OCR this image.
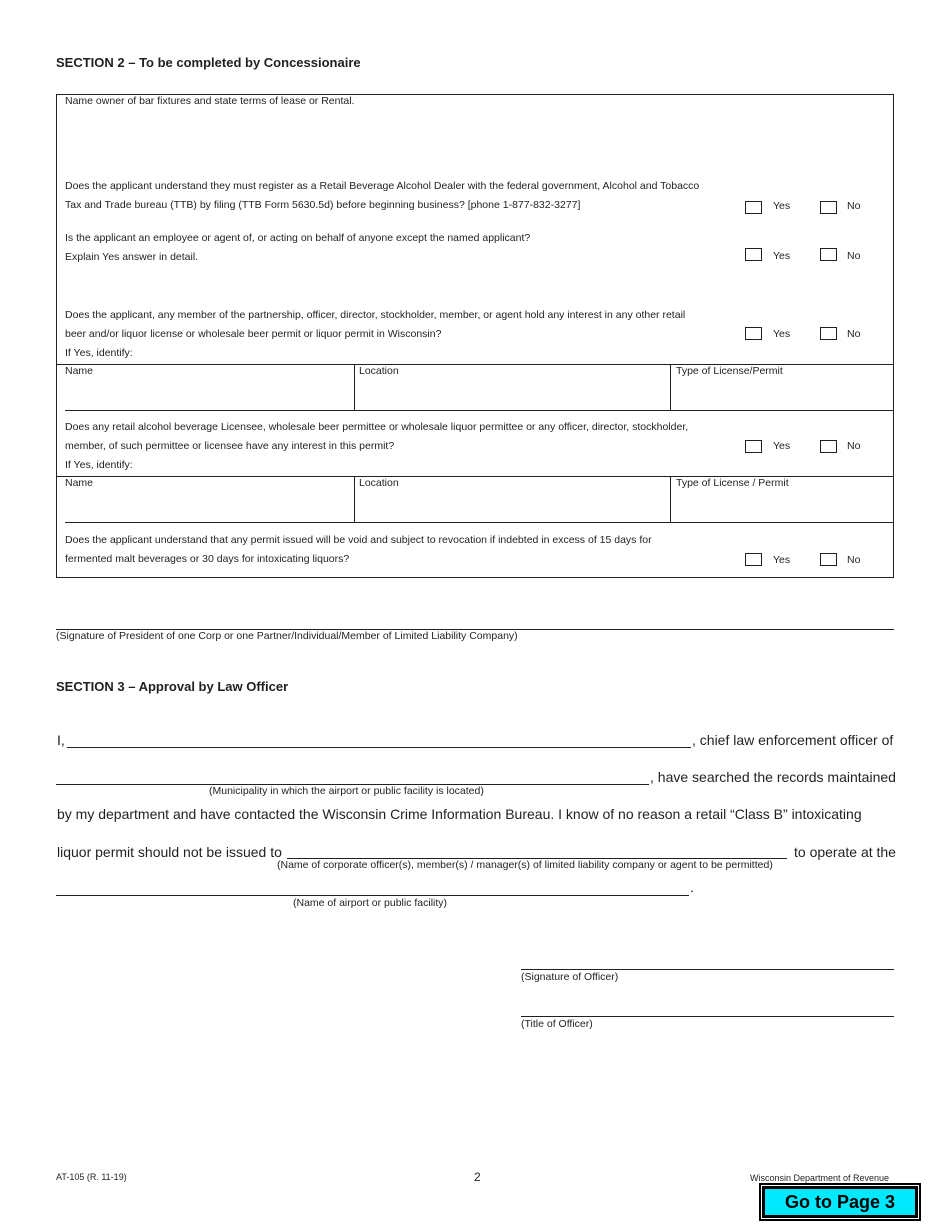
SECTION 2 – To be completed by Concessionaire
Name owner of bar fixtures and state terms of lease or Rental.
Does the applicant understand they must register as a Retail Beverage Alcohol Dealer with the federal government, Alcohol and Tobacco
Tax and Trade bureau (TTB) by filing (TTB Form 5630.5d) before beginning business? [phone 1-877-832-3277]	Yes	No
Is the applicant an employee or agent of, or acting on behalf of anyone except the named applicant?
Explain Yes answer in detail.	Yes	No
Does the applicant, any member of the partnership, officer, director, stockholder, member, or agent hold any interest in any other retail
beer and/or liquor license or wholesale beer permit or liquor permit in Wisconsin?	Yes	No
If Yes, identify:
Name	Location	Type of License/Permit
Does any retail alcohol beverage Licensee, wholesale beer permittee or wholesale liquor permittee or any officer, director, stockholder,
member, of such permittee or licensee have any interest in this permit?	Yes	No
If Yes, identify:
Name	Location	Type of License / Permit
Does the applicant understand that any permit issued will be void and subject to revocation if indebted in excess of 15 days for
fermented malt beverages or 30 days for intoxicating liquors?	Yes	No
(Signature of President of one Corp or one Partner/Individual/Member of Limited Liability Company)
SECTION 3 – Approval by Law Officer
I,	, chief law enforcement officer of
, have searched the records maintained
(Municipality in which the airport or public facility is located)
by my department and have contacted the Wisconsin Crime Information Bureau. I know of no reason a retail “Class B” intoxicating
liquor permit should not be issued to	to operate at the
(Name of corporate officer(s), member(s) / manager(s) of limited liability company or agent to be permitted)
.
(Name of airport or public facility)
(Signature of Officer)
(Title of Officer)
AT-105 (R. 11-19)	2	Wisconsin Department of Revenue
Go to Page 3
